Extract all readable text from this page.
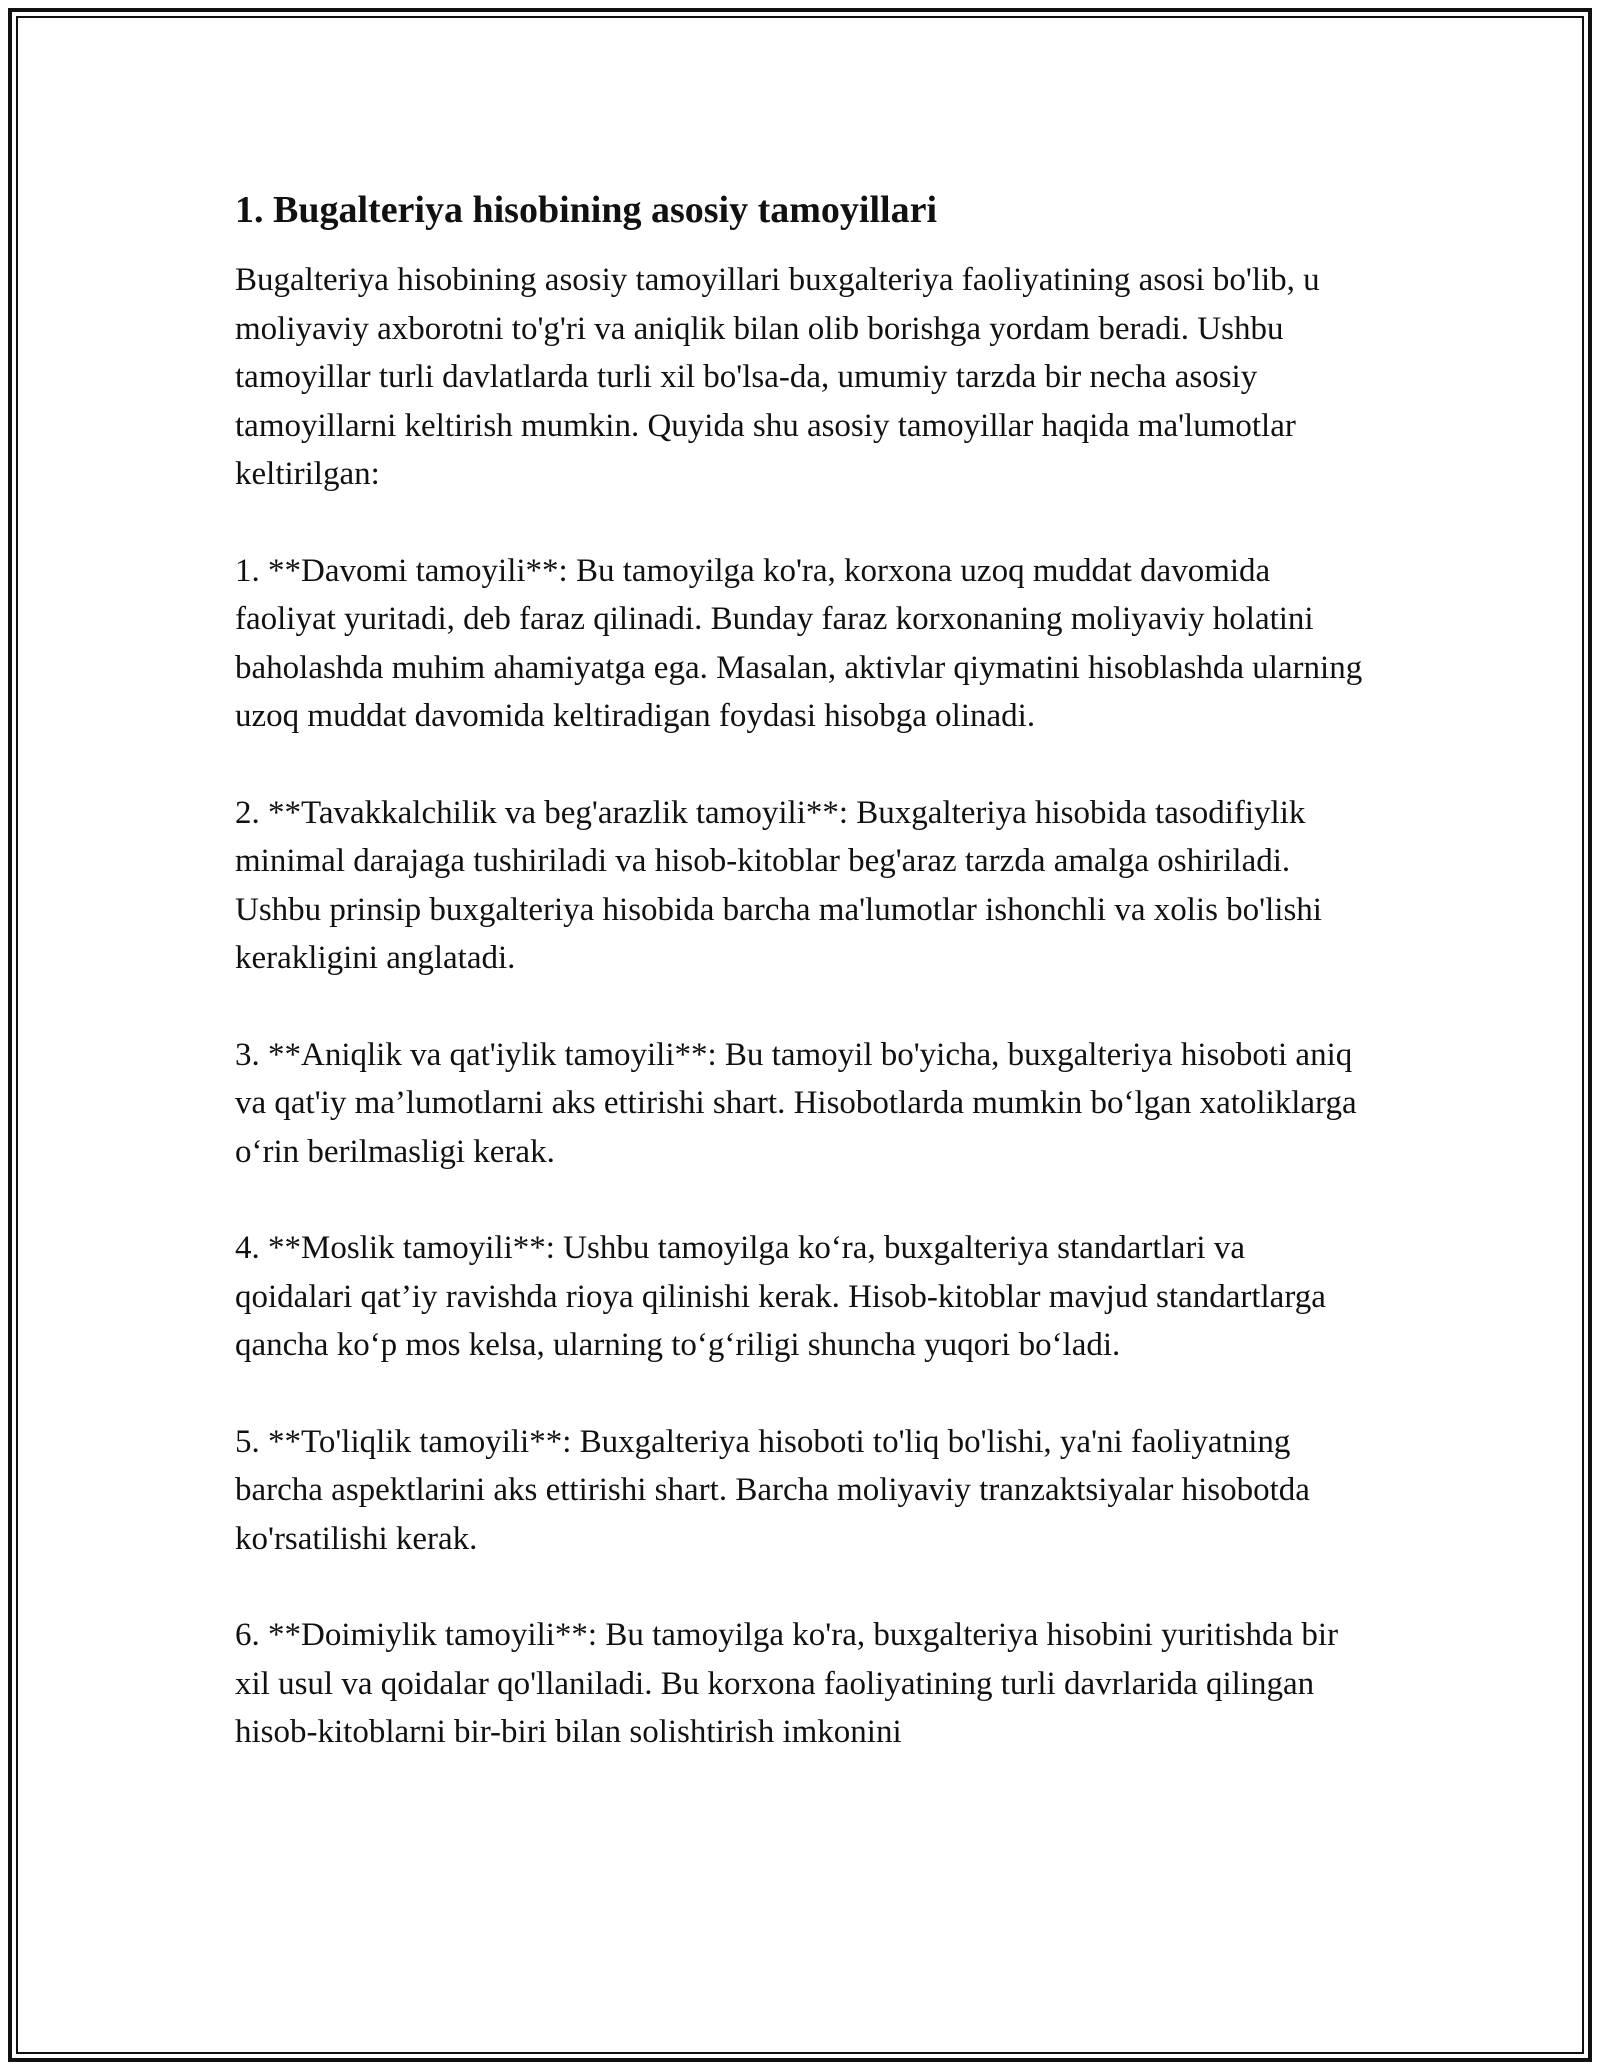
1. Bugalteriya hisobining asosiy tamoyillari

Bugalteriya hisobining asosiy tamoyillari buxgalteriya faoliyatining asosi bo'lib, u moliyaviy axborotni to'g'ri va aniqlik bilan olib borishga yordam beradi. Ushbu tamoyillar turli davlatlarda turli xil bo'lsa-da, umumiy tarzda bir necha asosiy tamoyillarni keltirish mumkin. Quyida shu asosiy tamoyillar haqida ma'lumotlar keltirilgan:

1. **Davomi tamoyili**: Bu tamoyilga ko'ra, korxona uzoq muddat davomida faoliyat yuritadi, deb faraz qilinadi. Bunday faraz korxonaning moliyaviy holatini baholashda muhim ahamiyatga ega. Masalan, aktivlar qiymatini hisoblashda ularning uzoq muddat davomida keltiradigan foydasi hisobga olinadi.

2. **Tavakkalchilik va beg'arazlik tamoyili**: Buxgalteriya hisobida tasodifiylik minimal darajaga tushiriladi va hisob-kitoblar beg'araz tarzda amalga oshiriladi. Ushbu prinsip buxgalteriya hisobida barcha ma'lumotlar ishonchli va xolis bo'lishi kerakligini anglatadi.

3. **Aniqlik va qat'iylik tamoyili**: Bu tamoyil bo'yicha, buxgalteriya hisoboti aniq va qat'iy ma’lumotlarni aks ettirishi shart. Hisobotlarda mumkin bo‘lgan xatoliklarga o‘rin berilmasligi kerak.

4. **Moslik tamoyili**: Ushbu tamoyilga ko‘ra, buxgalteriya standartlari va qoidalari qat’iy ravishda rioya qilinishi kerak. Hisob-kitoblar mavjud standartlarga qancha ko‘p mos kelsa, ularning to‘g‘riligi shuncha yuqori bo‘ladi.

5. **To'liqlik tamoyili**: Buxgalteriya hisoboti to'liq bo'lishi, ya'ni faoliyatning barcha aspektlarini aks ettirishi shart. Barcha moliyaviy tranzaktsiyalar hisobotda ko'rsatilishi kerak.

6. **Doimiylik tamoyili**: Bu tamoyilga ko'ra, buxgalteriya hisobini yuritishda bir xil usul va qoidalar qo'llaniladi. Bu korxona faoliyatining turli davrlarida qilingan hisob-kitoblarni bir-biri bilan solishtirish imkonini
